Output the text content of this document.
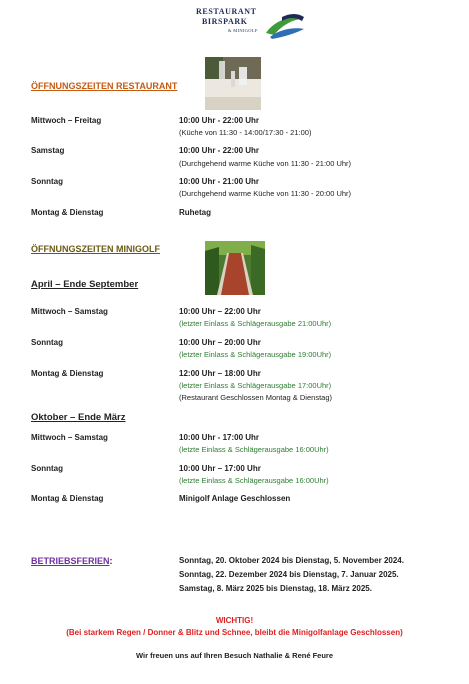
RESTAURANT
BIRSPARK
& MINIGOLF
ÖFFNUNGSZEITEN RESTAURANT
Mittwoch – Freitag	10:00 Uhr - 22:00 Uhr
(Küche von 11:30 - 14:00/17:30 - 21:00)
Samstag	10:00 Uhr - 22:00 Uhr
(Durchgehend warme Küche von 11:30 - 21:00 Uhr)
Sonntag	10:00 Uhr - 21:00 Uhr
(Durchgehend warme Küche von 11:30 - 20:00 Uhr)
Montag & Dienstag	Ruhetag
ÖFFNUNGSZEITEN MINIGOLF
April – Ende September
Mittwoch – Samstag	10:00 Uhr – 22:00 Uhr
(letzter Einlass & Schlägerausgabe 21:00Uhr)
Sonntag	10:00 Uhr – 20:00 Uhr
(letzter Einlass & Schlägerausgabe 19:00Uhr)
Montag & Dienstag	12:00 Uhr – 18:00 Uhr
(letzter Einlass & Schlägerausgabe 17:00Uhr)
(Restaurant Geschlossen Montag & Dienstag)
Oktober – Ende März
Mittwoch – Samstag	10:00 Uhr - 17:00 Uhr
(letzte Einlass & Schlägerausgabe 16:00Uhr)
Sonntag	10:00 Uhr – 17:00 Uhr
(letzte Einlass & Schlägerausgabe 16:00Uhr)
Montag & Dienstag	Minigolf Anlage Geschlossen
BETRIEBSFERIEN:	Sonntag, 20. Oktober 2024 bis Dienstag, 5. November 2024.
Sonntag, 22. Dezember 2024 bis Dienstag, 7. Januar 2025.
Samstag, 8. März 2025 bis Dienstag, 18. März 2025.
WICHTIG!
(Bei starkem Regen / Donner & Blitz und Schnee, bleibt die Minigolfanlage Geschlossen)
Wir freuen uns auf Ihren Besuch Nathalie & René Feure
